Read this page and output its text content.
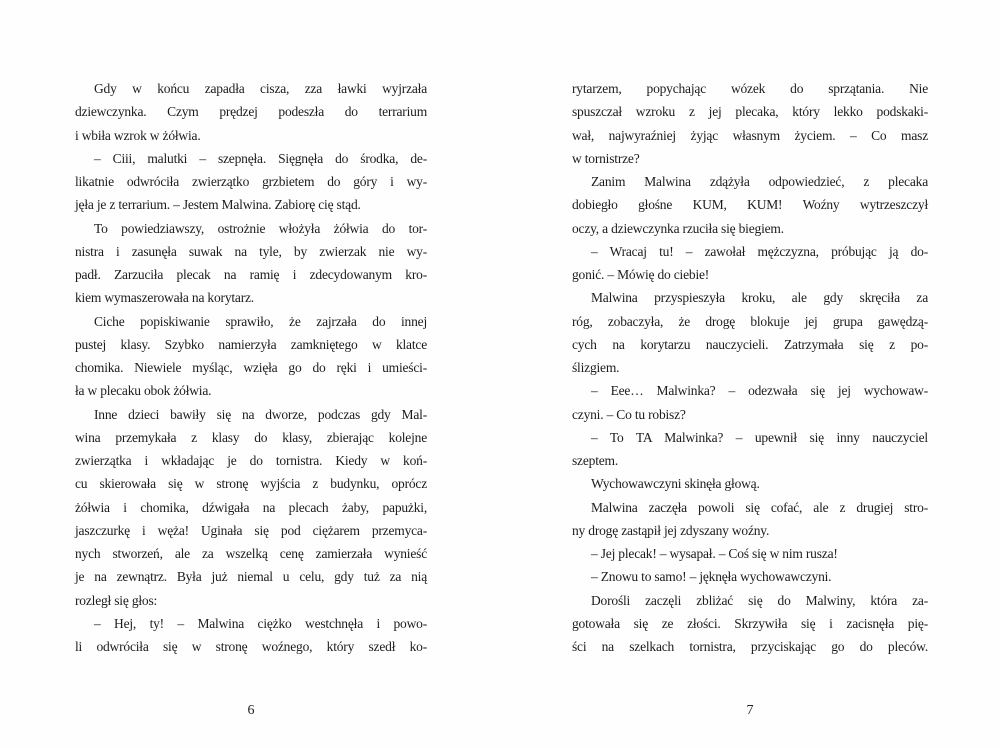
Gdy w końcu zapadła cisza, zza ławki wyjrzała
dziewczynka. Czym prędzej podeszła do terrarium
i wbiła wzrok w żółwia.
– Ciii, malutki – szepnęła. Sięgnęła do środka, de-
likatnie odwróciła zwierzątko grzbietem do góry i wy-
jęła je z terrarium. – Jestem Malwina. Zabiorę cię stąd.
To powiedziawszy, ostrożnie włożyła żółwia do tor-
nistra i zasunęła suwak na tyle, by zwierzak nie wy-
padł. Zarzuciła plecak na ramię i zdecydowanym kro-
kiem wymaszerowała na korytarz.
Ciche popiskiwanie sprawiło, że zajrzała do innej
pustej klasy. Szybko namierzyła zamkniętego w klatce
chomika. Niewiele myśląc, wzięła go do ręki i umieści-
ła w plecaku obok żółwia.
Inne dzieci bawiły się na dworze, podczas gdy Mal-
wina przemykała z klasy do klasy, zbierając kolejne
zwierzątka i wkładając je do tornistra. Kiedy w koń-
cu skierowała się w stronę wyjścia z budynku, oprócz
żółwia i chomika, dźwigała na plecach żaby, papużki,
jaszczurkę i węża! Uginała się pod ciężarem przemyca-
nych stworzeń, ale za wszelką cenę zamierzała wynieść
je na zewnątrz. Była już niemal u celu, gdy tuż za nią
rozległ się głos:
– Hej, ty! – Malwina ciężko westchnęła i powo-
li odwróciła się w stronę woźnego, który szedł ko-
6
rytarzem, popychając wózek do sprzątania. Nie
spuszczał wzroku z jej plecaka, który lekko podskaki-
wał, najwyraźniej żyjąc własnym życiem. – Co masz
w tornistrze?
Zanim Malwina zdążyła odpowiedzieć, z plecaka
dobiegło głośne KUM, KUM! Woźny wytrzeszczył
oczy, a dziewczynka rzuciła się biegiem.
– Wracaj tu! – zawołał mężczyzna, próbując ją do-
gonić. – Mówię do ciebie!
Malwina przyspieszyła kroku, ale gdy skręciła za
róg, zobaczyła, że drogę blokuje jej grupa gawędzą-
cych na korytarzu nauczycieli. Zatrzymała się z po-
ślizgiem.
– Eee… Malwinka? – odezwała się jej wychowaw-
czyni. – Co tu robisz?
– To TA Malwinka? – upewnił się inny nauczyciel
szeptem.
Wychowawczyni skinęła głową.
Malwina zaczęła powoli się cofać, ale z drugiej stro-
ny drogę zastąpił jej zdyszany woźny.
– Jej plecak! – wysapał. – Coś się w nim rusza!
– Znowu to samo! – jęknęła wychowawczyni.
Dorośli zaczęli zbliżać się do Malwiny, która za-
gotowała się ze złości. Skrzywiła się i zacisnęła pię-
ści na szelkach tornistra, przyciskając go do pleców.
7
